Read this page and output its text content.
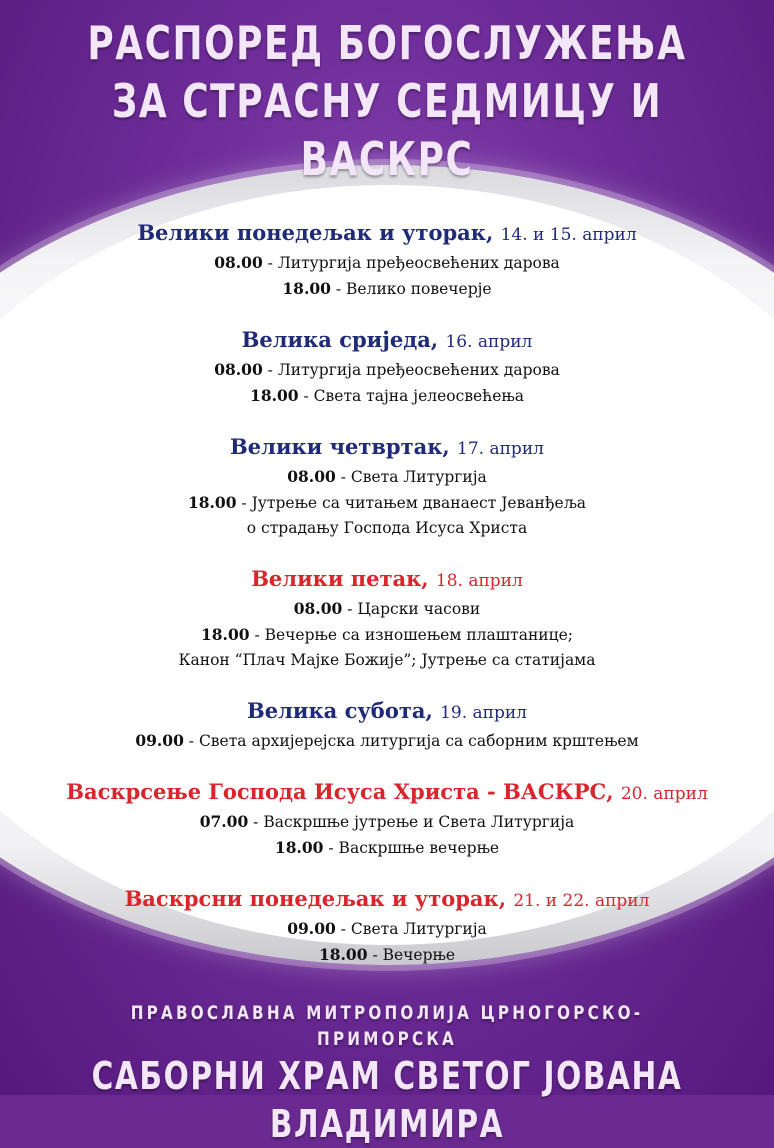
РАСПОРЕД БОГОСЛУЖЕЊА
ЗА СТРАСНУ СЕДМИЦУ И ВАСКРС
Велики понедељак и уторак, 14. и 15. април
08.00 - Литургија пређеосвећених дарова
18.00 - Велико повечерје
Велика сриједа, 16. април
08.00 - Литургија пређеосвећених дарова
18.00 - Света тајна јелеосвећења
Велики четвртак, 17. април
08.00 - Света Литургија
18.00 - Јутрење са читањем дванаест Јеванђеља
о страдању Господа Исуса Христа
Велики петак, 18. април
08.00 - Царски часови
18.00 - Вечерње са изношењем плаштанице;
Канон “Плач Мајке Божије”; Јутрење са статијама
Велика субота, 19. април
09.00 - Света архијерејска литургија са саборним крштењем
Васкрсење Господа Исуса Христа - ВАСКРС, 20. април
07.00 - Васкршње јутрење и Света Литургија
18.00 - Васкршње вечерње
Васкрсни понедељак и уторак, 21. и 22. април
09.00 - Света Литургија
18.00 - Вечерње
ПРАВОСЛАВНА МИТРОПОЛИЈА ЦРНОГОРСКО-ПРИМОРСКА
САБОРНИ ХРАМ СВЕТОГ ЈОВАНА ВЛАДИМИРА
